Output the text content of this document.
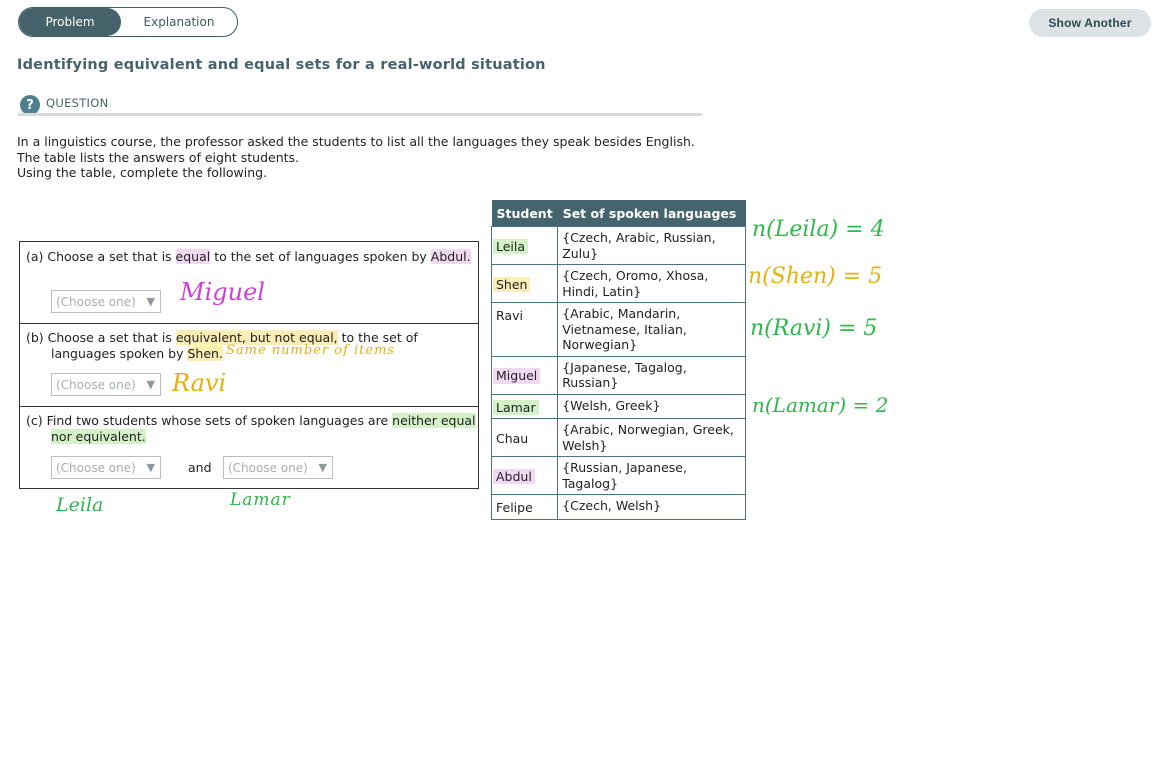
Problem	Explanation	Show Another
Identifying equivalent and equal sets for a real-world situation
?	QUESTION
In a linguistics course, the professor asked the students to list all the languages they speak besides English.
The table lists the answers of eight students.
Using the table, complete the following.
(a) Choose a set that is equal to the set of languages spoken by Abdul.
(Choose one) ▼
(b) Choose a set that is equivalent, but not equal, to the set of
languages spoken by Shen.
(Choose one) ▼
(c) Find two students whose sets of spoken languages are neither equal
nor equivalent.
(Choose one) ▼	and (Choose one) ▼
Student	Set of spoken languages
Leila	{Czech, Arabic, Russian,
Zulu}

Shen	{Czech, Oromo, Xhosa,
Hindi, Latin}

Ravi	{Arabic, Mandarin,
Vietnamese, Italian,
Norwegian}

Miguel	{Japanese, Tagalog,
Russian}

Lamar	{Welsh, Greek}

Chau	{Arabic, Norwegian, Greek,
Welsh}

Abdul	{Russian, Japanese,
Tagalog}

Felipe	{Czech, Welsh}
Miguel
Same number of items
Ravi
Leila	Lamar
n(Leila) = 4
n(Shen) = 5
n(Ravi) = 5
n(Lamar) = 2
